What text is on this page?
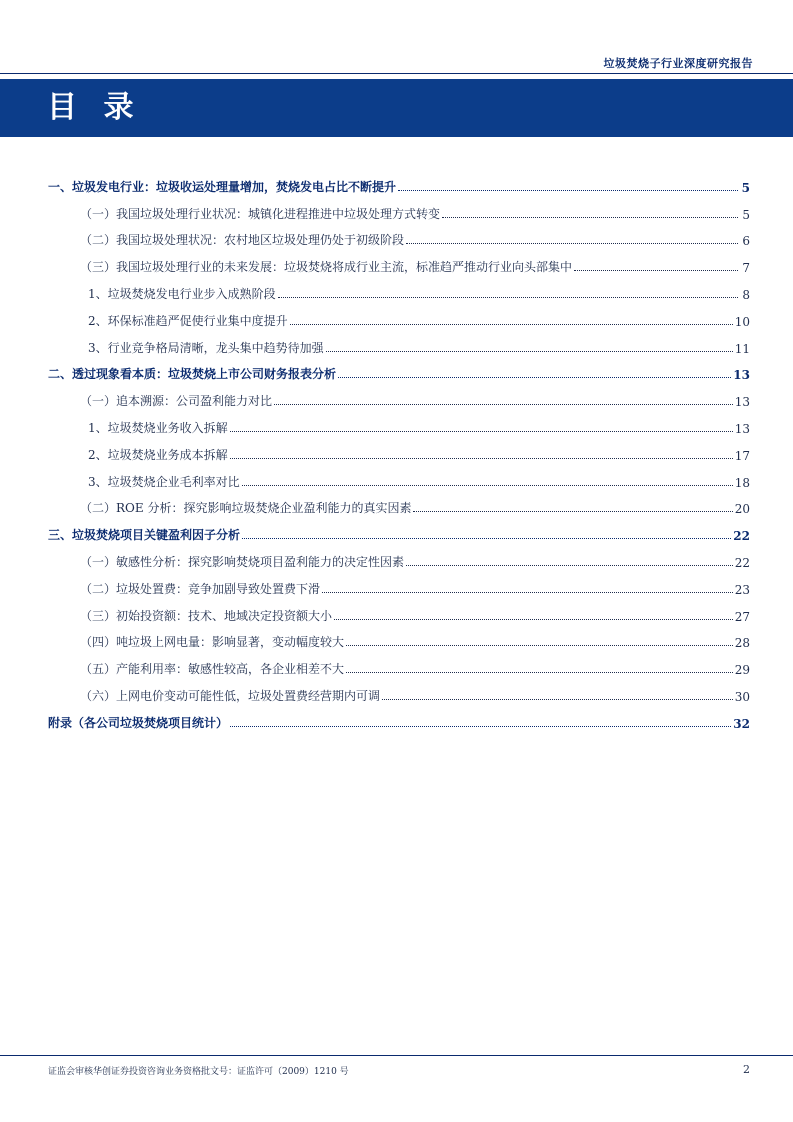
垃圾焚烧子行业深度研究报告
目 录
一、垃圾发电行业：垃圾收运处理量增加，焚烧发电占比不断提升	5
（一）我国垃圾处理行业状况：城镇化进程推进中垃圾处理方式转变	5
（二）我国垃圾处理状况：农村地区垃圾处理仍处于初级阶段	6
（三）我国垃圾处理行业的未来发展：垃圾焚烧将成行业主流，标准趋严推动行业向头部集中	7
1、垃圾焚烧发电行业步入成熟阶段	8
2、环保标准趋严促使行业集中度提升	10
3、行业竞争格局清晰，龙头集中趋势待加强	11
二、透过现象看本质：垃圾焚烧上市公司财务报表分析	13
（一）追本溯源：公司盈利能力对比	13
1、垃圾焚烧业务收入拆解	13
2、垃圾焚烧业务成本拆解	17
3、垃圾焚烧企业毛利率对比	18
（二）ROE 分析：探究影响垃圾焚烧企业盈利能力的真实因素	20
三、垃圾焚烧项目关键盈利因子分析	22
（一）敏感性分析：探究影响焚烧项目盈利能力的决定性因素	22
（二）垃圾处置费：竞争加剧导致处置费下滑	23
（三）初始投资额：技术、地域决定投资额大小	27
（四）吨垃圾上网电量：影响显著，变动幅度较大	28
（五）产能利用率：敏感性较高，各企业相差不大	29
（六）上网电价变动可能性低，垃圾处置费经营期内可调	30
附录（各公司垃圾焚烧项目统计）	32
证监会审核华创证券投资咨询业务资格批文号：证监许可（2009）1210 号	2
